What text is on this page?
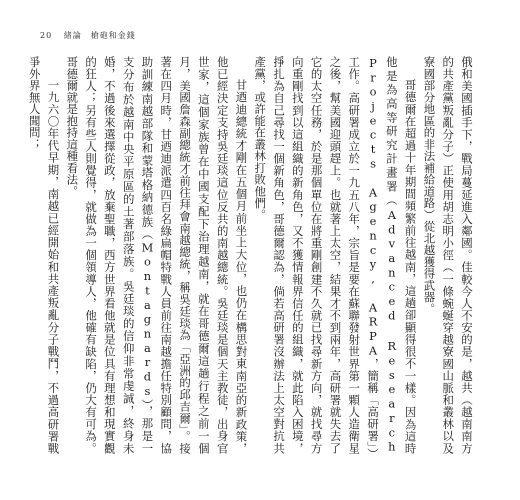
20 緒論　槍砲和金錢

俄和美國插手下，戰局蔓延進入鄰國。佳較今人不安的是，越共（越南南方的共產黨叛亂分子）正使用胡志明小徑（一條蜿蜒穿越寮國山脈和叢林以及寮國部分地區的非法補給道路）從北越獲得武器。

哥德爾在超過十年期間頻繁前往越南，這趟卻顯得很不一樣。因為這時他是為高等研究計畫署（Advanced Research Projects Agency, ARPA，簡稱「高研署」）工作。高研署成立於一九五八年，宗旨是要在蘇聯發射世界第一顆人造衛星之後，幫美國迎頭趕上。也就著上太空，結果才不到兩年，高研署就失去了它的太空任務，於是那個單位在將重剛創建不久就已找尋新方向，就找尋方向重剛找到以這組織的新角色，又不獲情報界信任的組織，就此陷入困境，掙扎為自己尋找一個新角色，哥德爾認為，倘若高研署沒辦法上太空對抗共產黨，或許能在叢林打敗他們。

甘迺迪總統才剛在五個月前坐上大位，也仍在構思對東南亞的新政策，他已經決定支持吳廷琰這位反共的南越總統。吳廷琰是個天主教徒，出身官世家，這個家族曾在中國支配下治理越南，就在哥德爾這趟行程之前一個月，美國詹森副總統才前往拜會南越總統，稱吳廷琰為「亞洲的邱吉爾」。接著在四月時，甘迺迪派遣四百名綠扁帽特戰人員前往南越擔任特別顧問，協助訓練南越部隊和蒙塔格納德族（Montagnards），那是一支分布於越南中央平原區的土著部落族。吳廷琰的信仰非常虔誠，終身未婚，不過後來選擇從政，放棄聖職，西方世界看他就是位具有理想和現實觀的狂人；另有些人則覺得，就做為一個領導人，他確有缺陷，仍大有可為。哥德爾就是抱持這種看法。

一九六〇年代早期，南越已經開始和共產叛亂分子戰鬥，不過高研署戰爭外界無人聞問；
